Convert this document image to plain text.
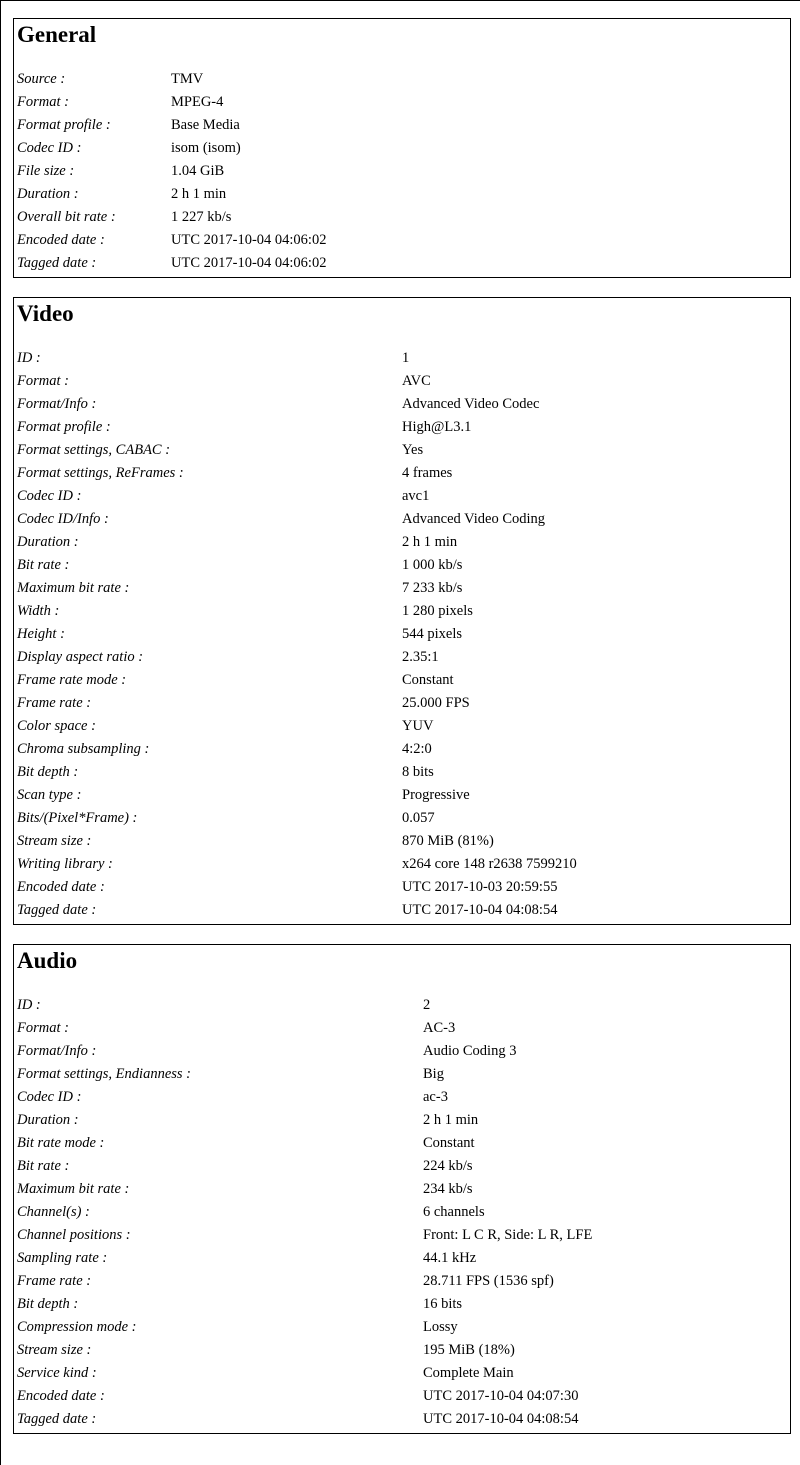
General
Source :	TMV
Format :	MPEG-4
Format profile :	Base Media
Codec ID :	isom (isom)
File size :	1.04 GiB
Duration :	2 h 1 min
Overall bit rate :	1 227 kb/s
Encoded date :	UTC 2017-10-04 04:06:02
Tagged date :	UTC 2017-10-04 04:06:02
Video
ID :	1
Format :	AVC
Format/Info :	Advanced Video Codec
Format profile :	High@L3.1
Format settings, CABAC :	Yes
Format settings, ReFrames :	4 frames
Codec ID :	avc1
Codec ID/Info :	Advanced Video Coding
Duration :	2 h 1 min
Bit rate :	1 000 kb/s
Maximum bit rate :	7 233 kb/s
Width :	1 280 pixels
Height :	544 pixels
Display aspect ratio :	2.35:1
Frame rate mode :	Constant
Frame rate :	25.000 FPS
Color space :	YUV
Chroma subsampling :	4:2:0
Bit depth :	8 bits
Scan type :	Progressive
Bits/(Pixel*Frame) :	0.057
Stream size :	870 MiB (81%)
Writing library :	x264 core 148 r2638 7599210
Encoded date :	UTC 2017-10-03 20:59:55
Tagged date :	UTC 2017-10-04 04:08:54
Audio
ID :	2
Format :	AC-3
Format/Info :	Audio Coding 3
Format settings, Endianness :	Big
Codec ID :	ac-3
Duration :	2 h 1 min
Bit rate mode :	Constant
Bit rate :	224 kb/s
Maximum bit rate :	234 kb/s
Channel(s) :	6 channels
Channel positions :	Front: L C R, Side: L R, LFE
Sampling rate :	44.1 kHz
Frame rate :	28.711 FPS (1536 spf)
Bit depth :	16 bits
Compression mode :	Lossy
Stream size :	195 MiB (18%)
Service kind :	Complete Main
Encoded date :	UTC 2017-10-04 04:07:30
Tagged date :	UTC 2017-10-04 04:08:54
